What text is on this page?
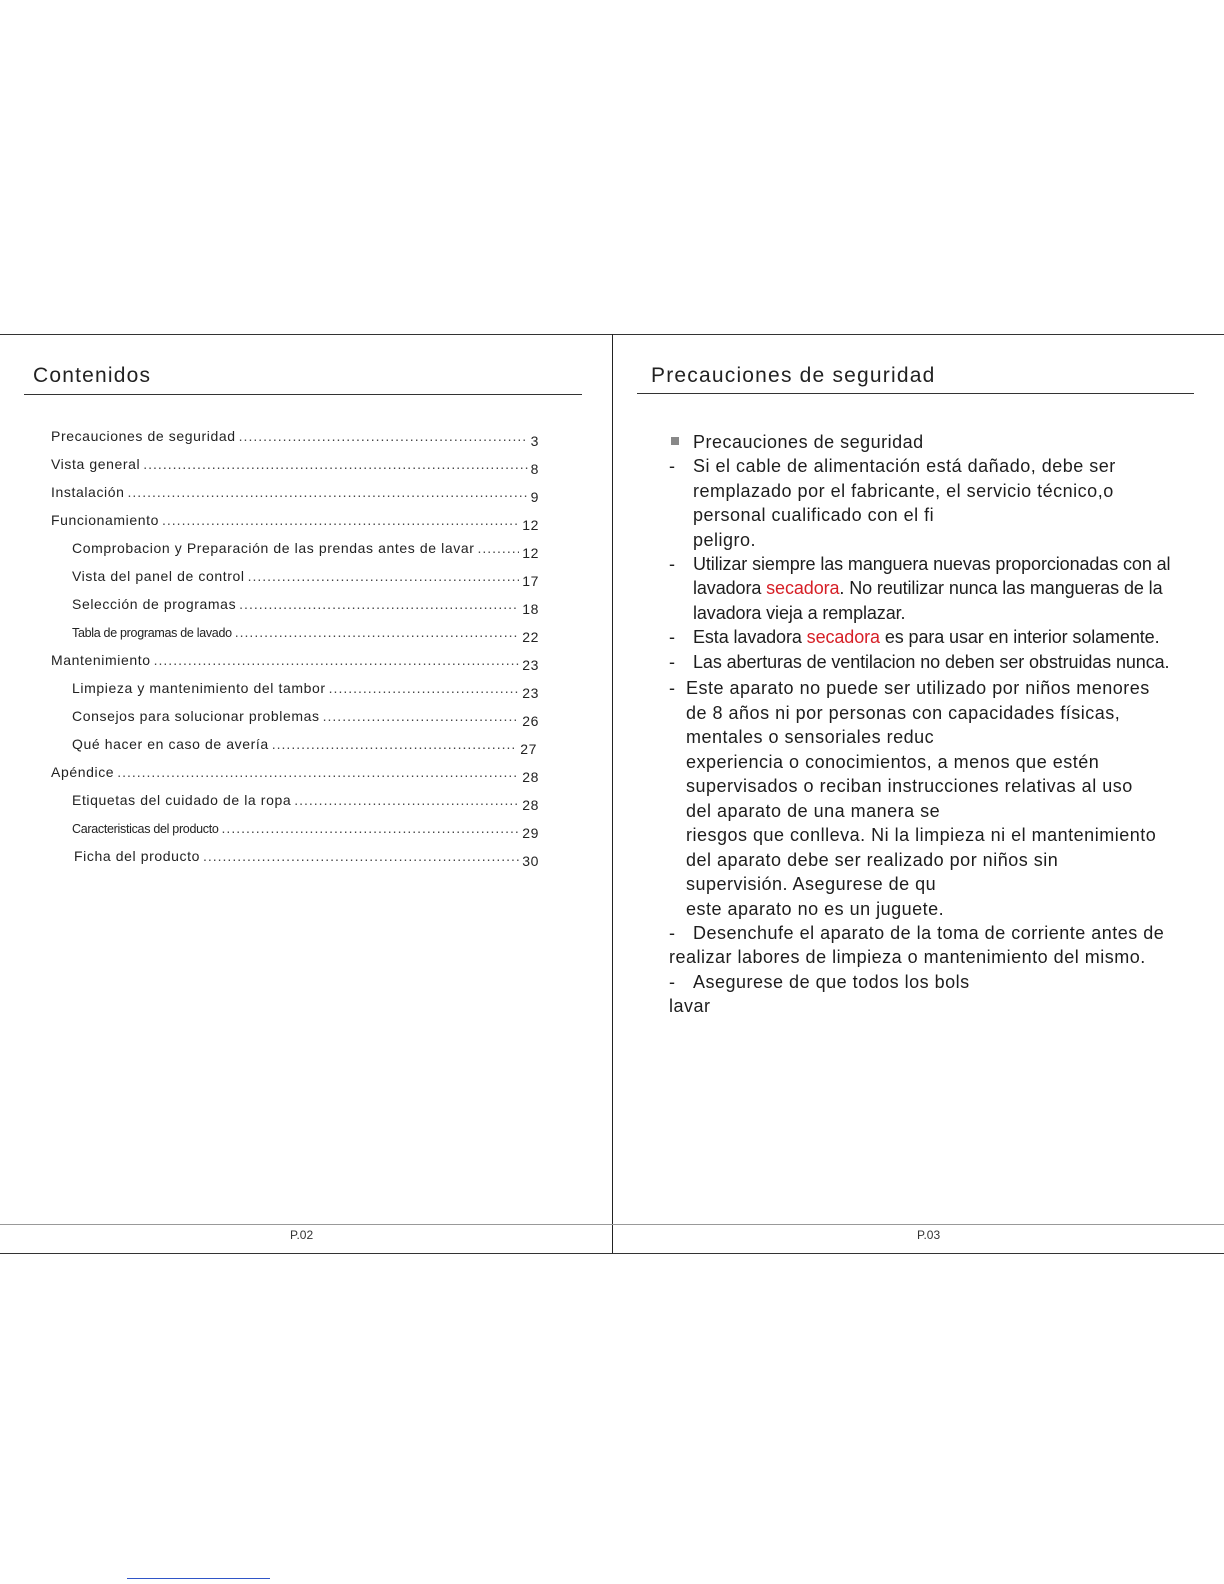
Contenidos
Precauciones de seguridad .....	3
Vista general .....	8
Instalación .....	9
Funcionamiento .....	12
Comprobacion y Preparación de las prendas antes de lavar .....	12
Vista del panel de control .....	17
Selección de programas .....	18
Tabla de programas de lavado .....	22
Mantenimiento .....	23
Limpieza y mantenimiento del tambor .....	23
Consejos para solucionar problemas .....	26
Qué hacer en caso de avería .....	27
Apéndice .....	28
Etiquetas del cuidado de la ropa .....	28
Caracteristicas del producto .....	29
Ficha del producto .....	30
P.02
Precauciones de seguridad
Precauciones de seguridad
- Si el cable de alimentación está dañado, debe ser
remplazado por el fabricante, el servicio técnico,o
personal cualificado con el fi
peligro.
- Utilizar siempre las manguera nuevas proporcionadas con al
lavadora secadora. No reutilizar nunca las mangueras de la
lavadora vieja a remplazar.
- Esta lavadora secadora es para usar en interior solamente.
- Las aberturas de ventilacion no deben ser obstruidas nunca.
- Este aparato no puede ser utilizado por niños menores
de 8 años ni por personas con capacidades físicas,
mentales o sensoriales reduc
experiencia o conocimientos, a menos que estén
supervisados o reciban instrucciones relativas al uso
del aparato de una manera se
riesgos que conlleva. Ni la limpieza ni el mantenimiento
del aparato debe ser realizado por niños sin
supervisión. Asegurese de qu
este aparato no es un juguete.
- Desenchufe el aparato de la toma de corriente antes de
realizar labores de limpieza o mantenimiento del mismo.
- Asegurese de que todos los bols
lavar
P.03
